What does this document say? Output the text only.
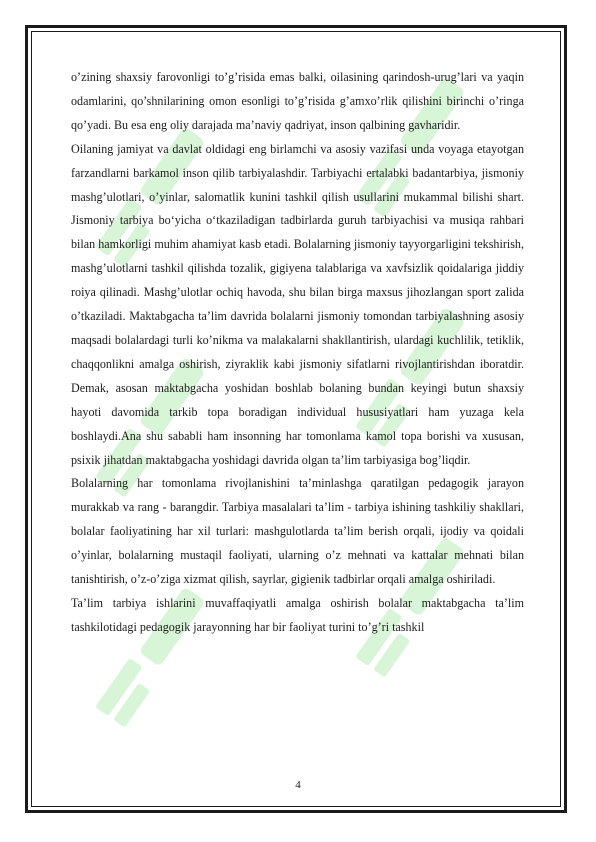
o’zining shaxsiy farovonligi to’g’risida emas balki, oilasining qarindosh-urug’lari va yaqin odamlarini, qo’shnilarining omon esonligi to’g’risida g’amxo’rlik qilishini birinchi o’ringa qo’yadi. Bu esa eng oliy darajada ma’naviy qadriyat, inson qalbining gavharidir.

Oilaning jamiyat va davlat oldidagi eng birlamchi va asosiy vazifasi unda voyaga etayotgan farzandlarni barkamol inson qilib tarbiyalashdir. Tarbiyachi ertalabki badantarbiya, jismoniy mashg’ulotlari, o’yinlar, salomatlik kunini tashkil qilish usullarini mukammal bilishi shart. Jismoniy tarbiya bo‘yicha o‘tkaziladigan tadbirlarda guruh tarbiyachisi va musiqa rahbari bilan hamkorligi muhim ahamiyat kasb etadi. Bolalarning jismoniy tayyorgarligini tekshirish, mashg’ulotlarni tashkil qilishda tozalik, gigiyena talablariga va xavfsizlik qoidalariga jiddiy roiya qilinadi. Mashg’ulotlar ochiq havoda, shu bilan birga maxsus jihozlangan sport zalida o’tkaziladi. Maktabgacha ta’lim davrida bolalarni jismoniy tomondan tarbiyalashning asosiy maqsadi bolalardagi turli ko’nikma va malakalarni shakllantirish, ulardagi kuchlilik, tetiklik, chaqqonlikni amalga oshirish, ziyraklik kabi jismoniy sifatlarni rivojlantirishdan iboratdir. Demak, asosan maktabgacha yoshidan boshlab bolaning bundan keyingi butun shaxsiy hayoti davomida tarkib topa boradigan individual hususiyatlari ham yuzaga kela boshlaydi.Ana shu sababli ham insonning har tomonlama kamol topa borishi va xususan, psixik jihatdan maktabgacha yoshidagi davrida olgan ta’lim tarbiyasiga bog’liqdir.

Bolalarning har tomonlama rivojlanishini ta’minlashga qaratilgan pedagogik jarayon murakkab va rang - barangdir. Tarbiya masalalari ta’lim - tarbiya ishining tashkiliy shakllari, bolalar faoliyatining har xil turlari: mashgulotlarda ta’lim berish orqali, ijodiy va qoidali o’yinlar, bolalarning mustaqil faoliyati, ularning o’z mehnati va kattalar mehnati bilan tanishtirish, o’z-o’ziga xizmat qilish, sayrlar, gigienik tadbirlar orqali amalga oshiriladi.

Ta’lim tarbiya ishlarini muvaffaqiyatli amalga oshirish bolalar maktabgacha ta’lim tashkilotidagi pedagogik jarayonning har bir faoliyat turini to’g’ri tashkil

4
